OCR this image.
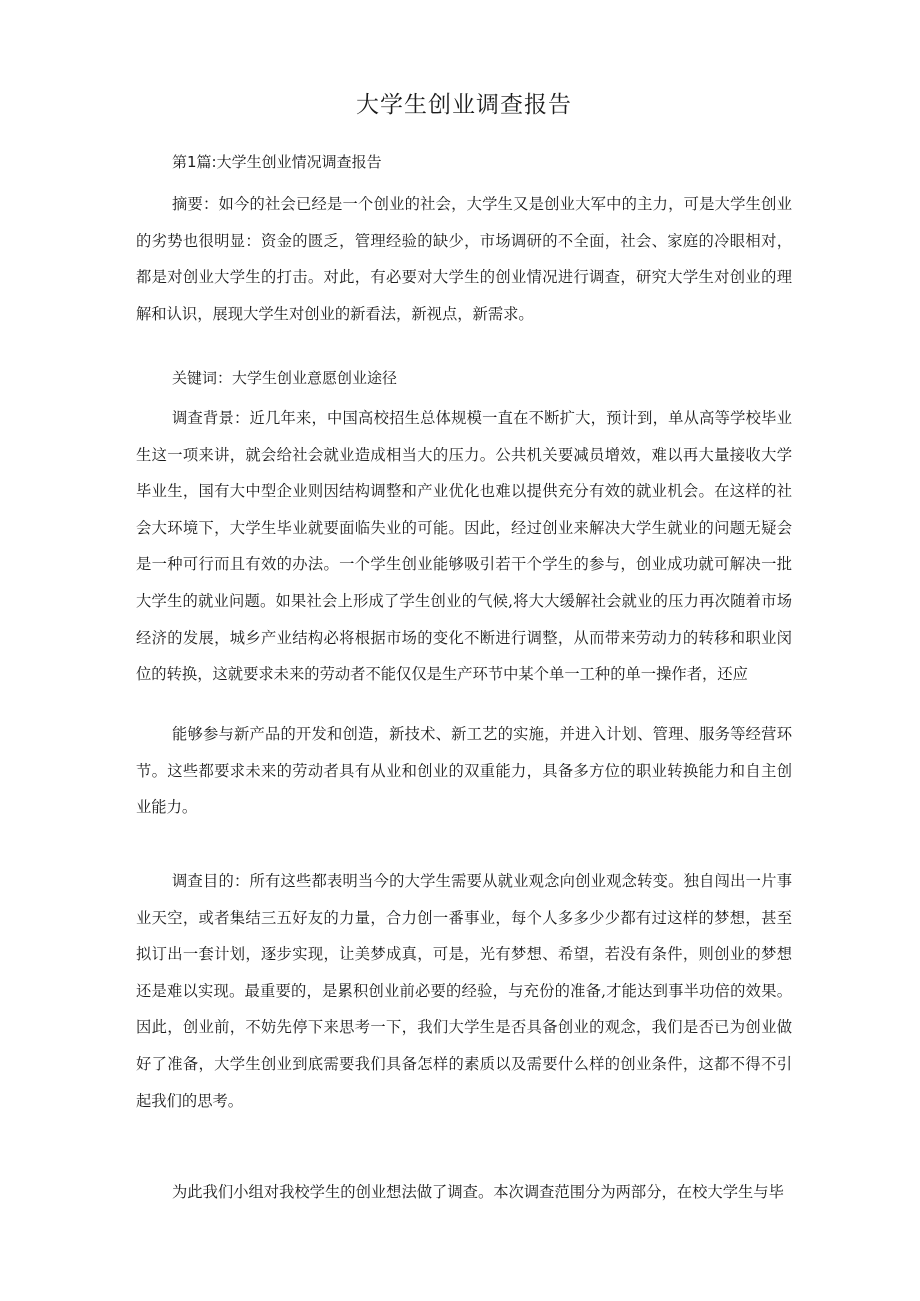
大学生创业调查报告
第1篇:大学生创业情况调查报告

摘要：如今的社会已经是一个创业的社会，大学生又是创业大军中的主力，可是大学生创业的劣势也很明显：资金的匮乏，管理经验的缺少，市场调研的不全面，社会、家庭的冷眼相对，都是对创业大学生的打击。对此，有必要对大学生的创业情况进行调查，研究大学生对创业的理解和认识，展现大学生对创业的新看法，新视点，新需求。

关键词：大学生创业意愿创业途径

调查背景：近几年来，中国高校招生总体规模一直在不断扩大，预计到，单从高等学校毕业生这一项来讲，就会给社会就业造成相当大的压力。公共机关要减员增效，难以再大量接收大学毕业生，国有大中型企业则因结构调整和产业优化也难以提供充分有效的就业机会。在这样的社会大环境下，大学生毕业就要面临失业的可能。因此，经过创业来解决大学生就业的问题无疑会是一种可行而且有效的办法。一个学生创业能够吸引若干个学生的参与，创业成功就可解决一批大学生的就业问题。如果社会上形成了学生创业的气候,将大大缓解社会就业的压力再次随着市场经济的发展，城乡产业结构必将根据市场的变化不断进行调整，从而带来劳动力的转移和职业闵位的转换，这就要求未来的劳动者不能仅仅是生产环节中某个单一工种的单一操作者，还应

能够参与新产品的开发和创造，新技术、新工艺的实施，并进入计划、管理、服务等经营环节。这些都要求未来的劳动者具有从业和创业的双重能力，具备多方位的职业转换能力和自主创业能力。

调查目的：所有这些都表明当今的大学生需要从就业观念向创业观念转变。独自闯出一片事业天空，或者集结三五好友的力量，合力创一番事业，每个人多多少少都有过这样的梦想，甚至拟订出一套计划，逐步实现，让美梦成真，可是，光有梦想、希望，若没有条件，则创业的梦想还是难以实现。最重要的，是累积创业前必要的经验，与充份的准备,才能达到事半功倍的效果。因此，创业前，不妨先停下来思考一下，我们大学生是否具备创业的观念，我们是否已为创业做好了准备，大学生创业到底需要我们具备怎样的素质以及需要什么样的创业条件，这都不得不引起我们的思考。

为此我们小组对我校学生的创业想法做了调查。本次调查范围分为两部分，在校大学生与毕
